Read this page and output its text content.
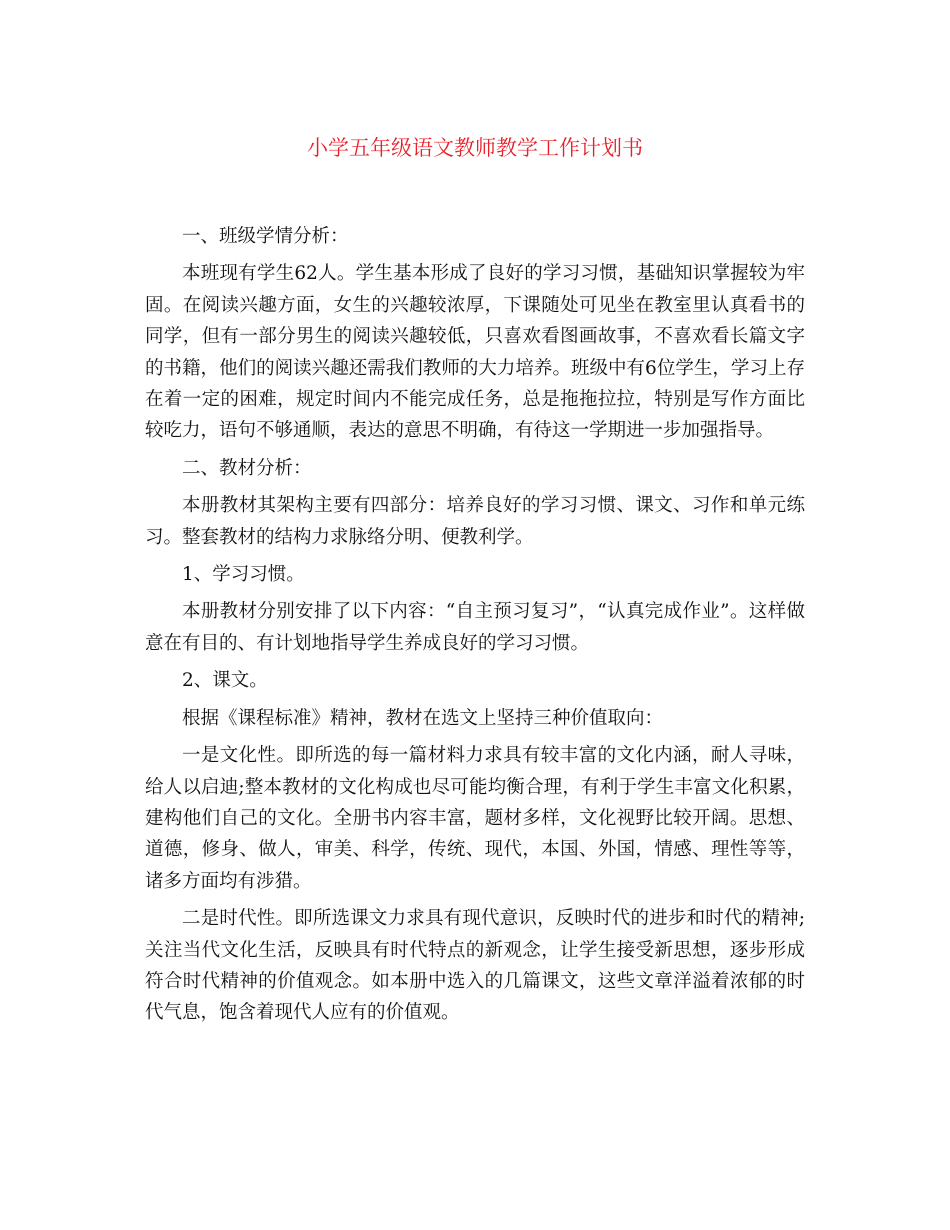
小学五年级语文教师教学工作计划书

一、班级学情分析：

本班现有学生62人。学生基本形成了良好的学习习惯，基础知识掌握较为牢固。在阅读兴趣方面，女生的兴趣较浓厚，下课随处可见坐在教室里认真看书的同学，但有一部分男生的阅读兴趣较低，只喜欢看图画故事，不喜欢看长篇文字的书籍，他们的阅读兴趣还需我们教师的大力培养。班级中有6位学生，学习上存在着一定的困难，规定时间内不能完成任务，总是拖拖拉拉，特别是写作方面比较吃力，语句不够通顺，表达的意思不明确，有待这一学期进一步加强指导。

二、教材分析：

本册教材其架构主要有四部分：培养良好的学习习惯、课文、习作和单元练习。整套教材的结构力求脉络分明、便教利学。

1、学习习惯。

本册教材分别安排了以下内容：“自主预习复习”，“认真完成作业”。这样做意在有目的、有计划地指导学生养成良好的学习习惯。

2、课文。

根据《课程标准》精神，教材在选文上坚持三种价值取向：

一是文化性。即所选的每一篇材料力求具有较丰富的文化内涵，耐人寻味，给人以启迪;整本教材的文化构成也尽可能均衡合理，有利于学生丰富文化积累，建构他们自己的文化。全册书内容丰富，题材多样，文化视野比较开阔。思想、道德，修身、做人，审美、科学，传统、现代，本国、外国，情感、理性等等，诸多方面均有涉猎。

二是时代性。即所选课文力求具有现代意识，反映时代的进步和时代的精神;关注当代文化生活，反映具有时代特点的新观念，让学生接受新思想，逐步形成符合时代精神的价值观念。如本册中选入的几篇课文，这些文章洋溢着浓郁的时代气息，饱含着现代人应有的价值观。
